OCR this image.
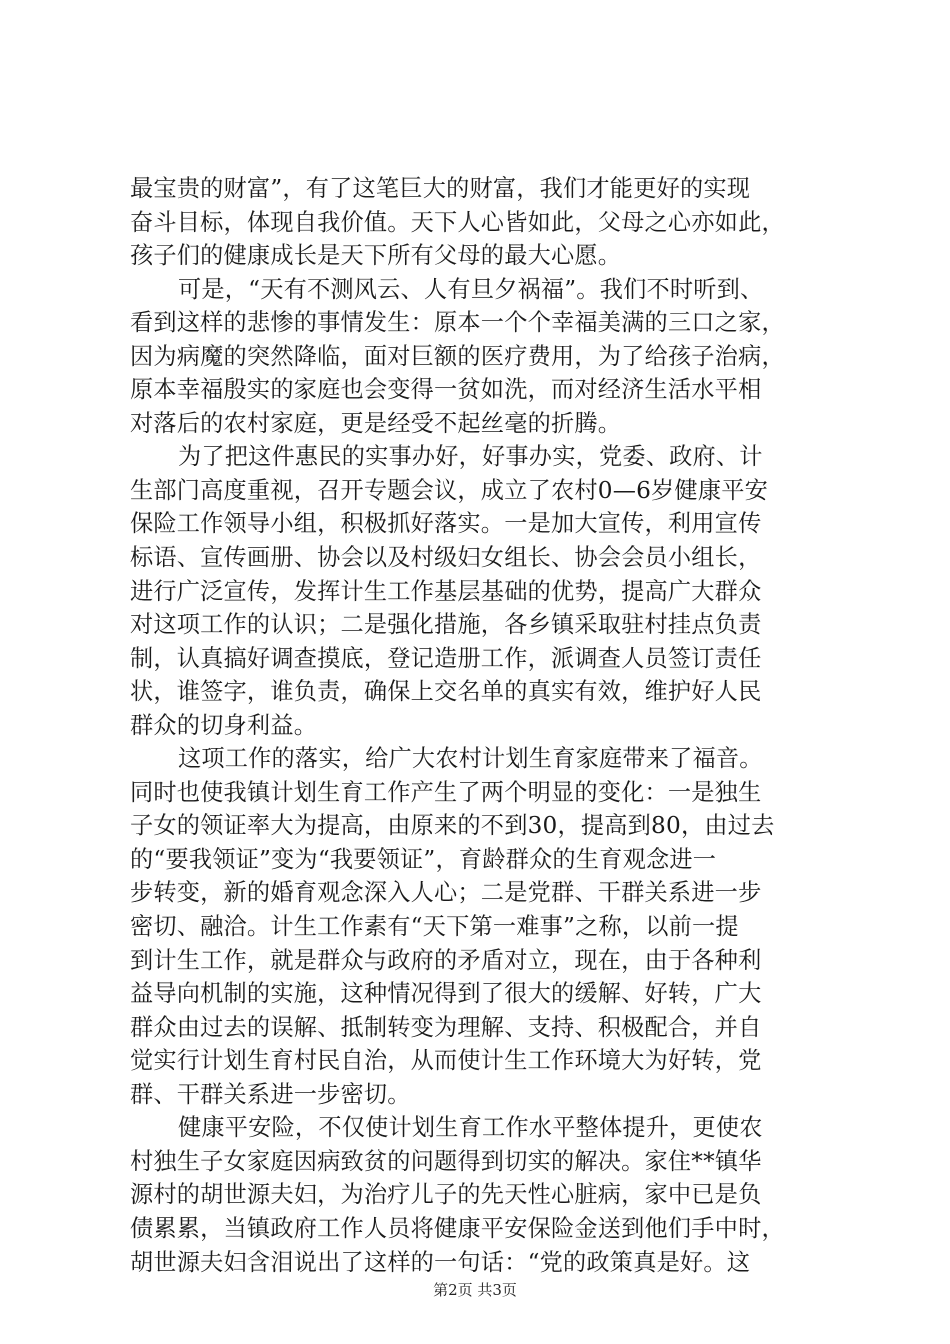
最宝贵的财富”，有了这笔巨大的财富，我们才能更好的实现
奋斗目标，体现自我价值。天下人心皆如此，父母之心亦如此，
孩子们的健康成长是天下所有父母的最大心愿。
可是，“天有不测风云、人有旦夕祸福”。我们不时听到、
看到这样的悲惨的事情发生：原本一个个幸福美满的三口之家，
因为病魔的突然降临，面对巨额的医疗费用，为了给孩子治病，
原本幸福殷实的家庭也会变得一贫如洗，而对经济生活水平相
对落后的农村家庭，更是经受不起丝毫的折腾。
为了把这件惠民的实事办好，好事办实，党委、政府、计
生部门高度重视，召开专题会议，成立了农村0—6岁健康平安
保险工作领导小组，积极抓好落实。一是加大宣传，利用宣传
标语、宣传画册、协会以及村级妇女组长、协会会员小组长，
进行广泛宣传，发挥计生工作基层基础的优势，提高广大群众
对这项工作的认识；二是强化措施，各乡镇采取驻村挂点负责
制，认真搞好调查摸底，登记造册工作，派调查人员签订责任
状，谁签字，谁负责，确保上交名单的真实有效，维护好人民
群众的切身利益。
这项工作的落实，给广大农村计划生育家庭带来了福音。
同时也使我镇计划生育工作产生了两个明显的变化：一是独生
子女的领证率大为提高，由原来的不到30，提高到80，由过去
的“要我领证”变为“我要领证”，育龄群众的生育观念进一
步转变，新的婚育观念深入人心；二是党群、干群关系进一步
密切、融洽。计生工作素有“天下第一难事”之称，以前一提
到计生工作，就是群众与政府的矛盾对立，现在，由于各种利
益导向机制的实施，这种情况得到了很大的缓解、好转，广大
群众由过去的误解、抵制转变为理解、支持、积极配合，并自
觉实行计划生育村民自治，从而使计生工作环境大为好转，党
群、干群关系进一步密切。
健康平安险，不仅使计划生育工作水平整体提升，更使农
村独生子女家庭因病致贫的问题得到切实的解决。家住**镇华
源村的胡世源夫妇，为治疗儿子的先天性心脏病，家中已是负
债累累，当镇政府工作人员将健康平安保险金送到他们手中时，
胡世源夫妇含泪说出了这样的一句话：“党的政策真是好。这
第2页 共3页
